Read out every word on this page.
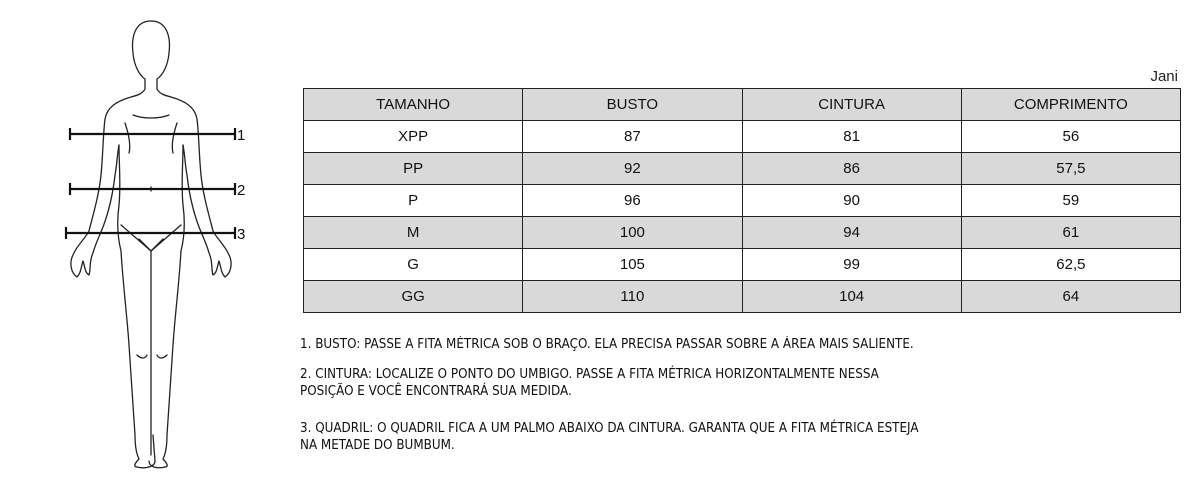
1
2
3
Jani
TAMANHO	BUSTO	CINTURA	COMPRIMENTO
XPP	87	81	56
PP	92	86	57,5
P	96	90	59
M	100	94	61
G	105	99	62,5
GG	110	104	64

1. BUSTO: PASSE A FITA MÉTRICA SOB O BRAÇO. ELA PRECISA PASSAR SOBRE A ÁREA MAIS SALIENTE.

2. CINTURA: LOCALIZE O PONTO DO UMBIGO. PASSE A FITA MÉTRICA HORIZONTALMENTE NESSA
POSIÇÃO E VOCÊ ENCONTRARÁ SUA MEDIDA.

3. QUADRIL: O QUADRIL FICA A UM PALMO ABAIXO DA CINTURA. GARANTA QUE A FITA MÉTRICA ESTEJA
NA METADE DO BUMBUM.
